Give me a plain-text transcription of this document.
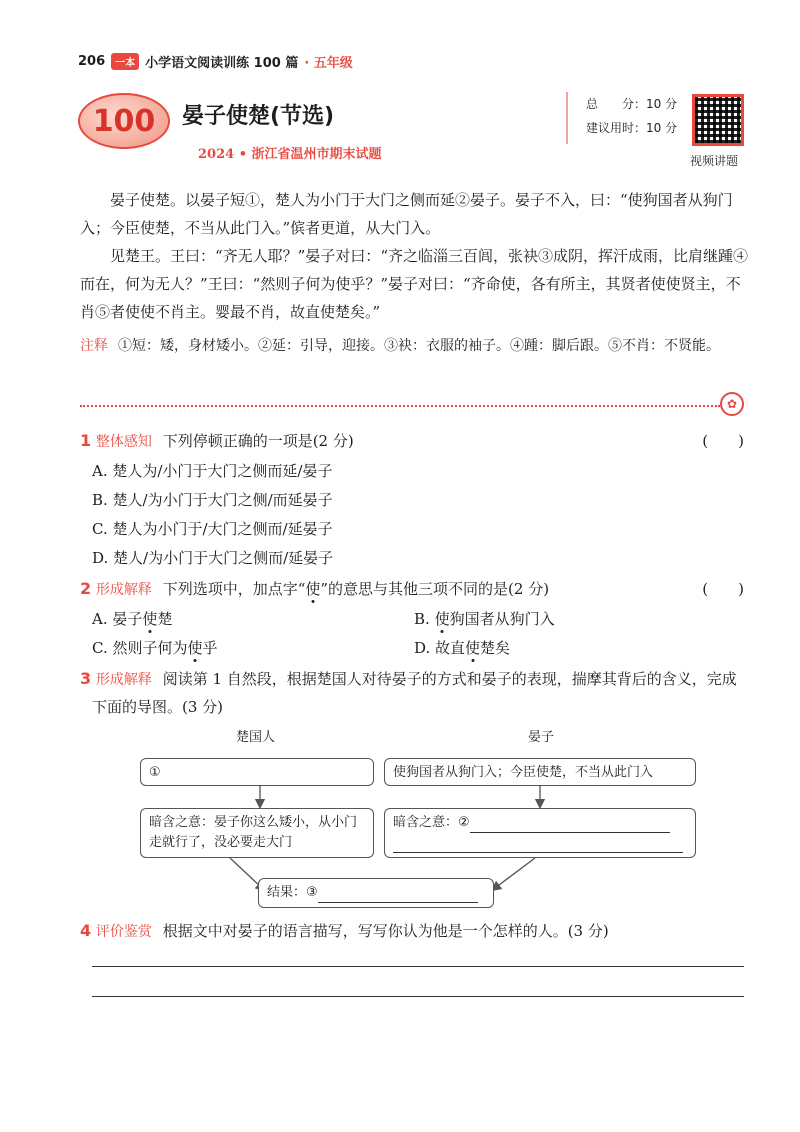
206	一本 小学语文阅读训练 100 篇 · 五年级
100	晏子使楚(节选)
2024 • 浙江省温州市期末试题
总　　分：10 分
建议用时：10 分
视频讲题

晏子使楚。以晏子短①，楚人为小门于大门之侧而延②晏子。晏子不入，曰：“使狗国者从狗门入；今臣使楚，不当从此门入。”傧者更道，从大门入。

见楚王。王曰：“齐无人耶？”晏子对曰：“齐之临淄三百闾，张袂③成阴，挥汗成雨，比肩继踵④而在，何为无人？”王曰：“然则子何为使乎？”晏子对曰：“齐命使，各有所主，其贤者使使贤主，不肖⑤者使使不肖主。婴最不肖，故直使楚矣。”

注释 ①短：矮，身材矮小。②延：引导，迎接。③袂：衣服的袖子。④踵：脚后跟。⑤不肖：不贤能。
✿
1 整体感知 下列停顿正确的一项是(2 分)	(　　)
A. 楚人为/小门于大门之侧而延/晏子
B. 楚人/为小门于大门之侧/而延晏子
C. 楚人为小门于/大门之侧而/延晏子
D. 楚人/为小门于大门之侧而/延晏子
2 形成解释 下列选项中，加点字“使”的意思与其他三项不同的是(2 分)	(　　)
A. 晏子使楚	B. 使狗国者从狗门入
C. 然则子何为使乎	D. 故直使楚矣
3 形成解释 阅读第 1 自然段，根据楚国人对待晏子的方式和晏子的表现，揣摩其背后的含义，完成
下面的导图。(3 分)
楚国人	晏子
①	使狗国者从狗门入；今臣使楚，不当从此门入
暗含之意：晏子你这么矮小，从小门走就行了，没必要走大门
暗含之意：②
结果：③
4 评价鉴赏 根据文中对晏子的语言描写，写写你认为他是一个怎样的人。(3 分)
